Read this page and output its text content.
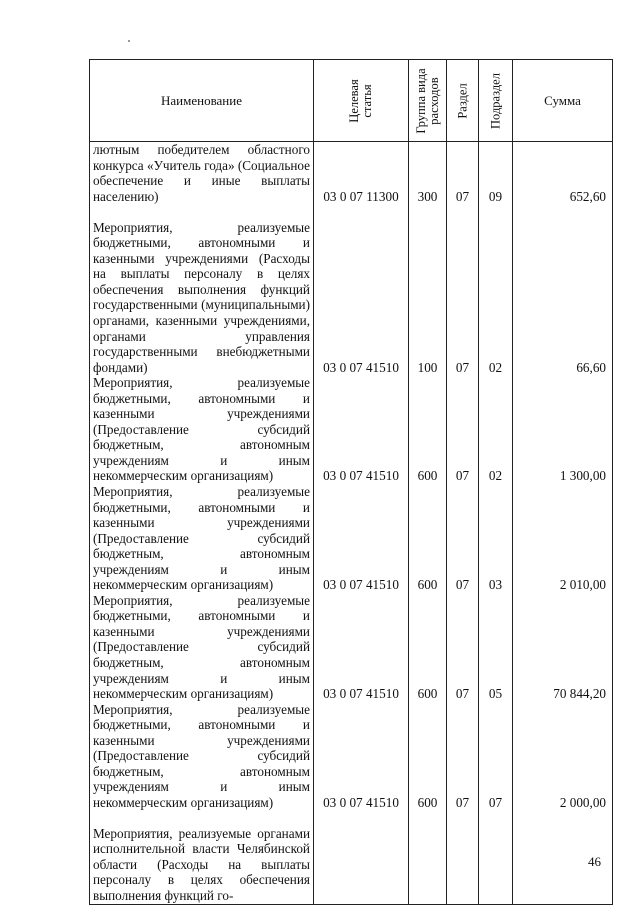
Наименование	Целевая статья	Группа вида расходов	Раздел	Подраздел	Сумма
лютным победителем областного конкурса «Учитель года» (Социальное обеспечение и иные выплаты населению)	03 0 07 11300	300	07	09	652,60
Мероприятия, реализуемые бюджетными, автономными и казенными учреждениями (Расходы на выплаты персоналу в целях обеспечения выполнения функций государственными (муниципальными) органами, казенными учреждениями, органами управления государственными внебюджетными фондами)	03 0 07 41510	100	07	02	66,60
Мероприятия, реализуемые бюджетными, автономными и казенными учреждениями (Предоставление субсидий бюджетным, автономным учреждениям и иным некоммерческим организациям)	03 0 07 41510	600	07	02	1 300,00
Мероприятия, реализуемые бюджетными, автономными и казенными учреждениями (Предоставление субсидий бюджетным, автономным учреждениям и иным некоммерческим организациям)	03 0 07 41510	600	07	03	2 010,00
Мероприятия, реализуемые бюджетными, автономными и казенными учреждениями (Предоставление субсидий бюджетным, автономным учреждениям и иным некоммерческим организациям)	03 0 07 41510	600	07	05	70 844,20
Мероприятия, реализуемые бюджетными, автономными и казенными учреждениями (Предоставление субсидий бюджетным, автономным учреждениям и иным некоммерческим организациям)	03 0 07 41510	600	07	07	2 000,00
Мероприятия, реализуемые органами исполнительной власти Челябинской области (Расходы на выплаты персоналу в целях обеспечения выполнения функций го-					
46
